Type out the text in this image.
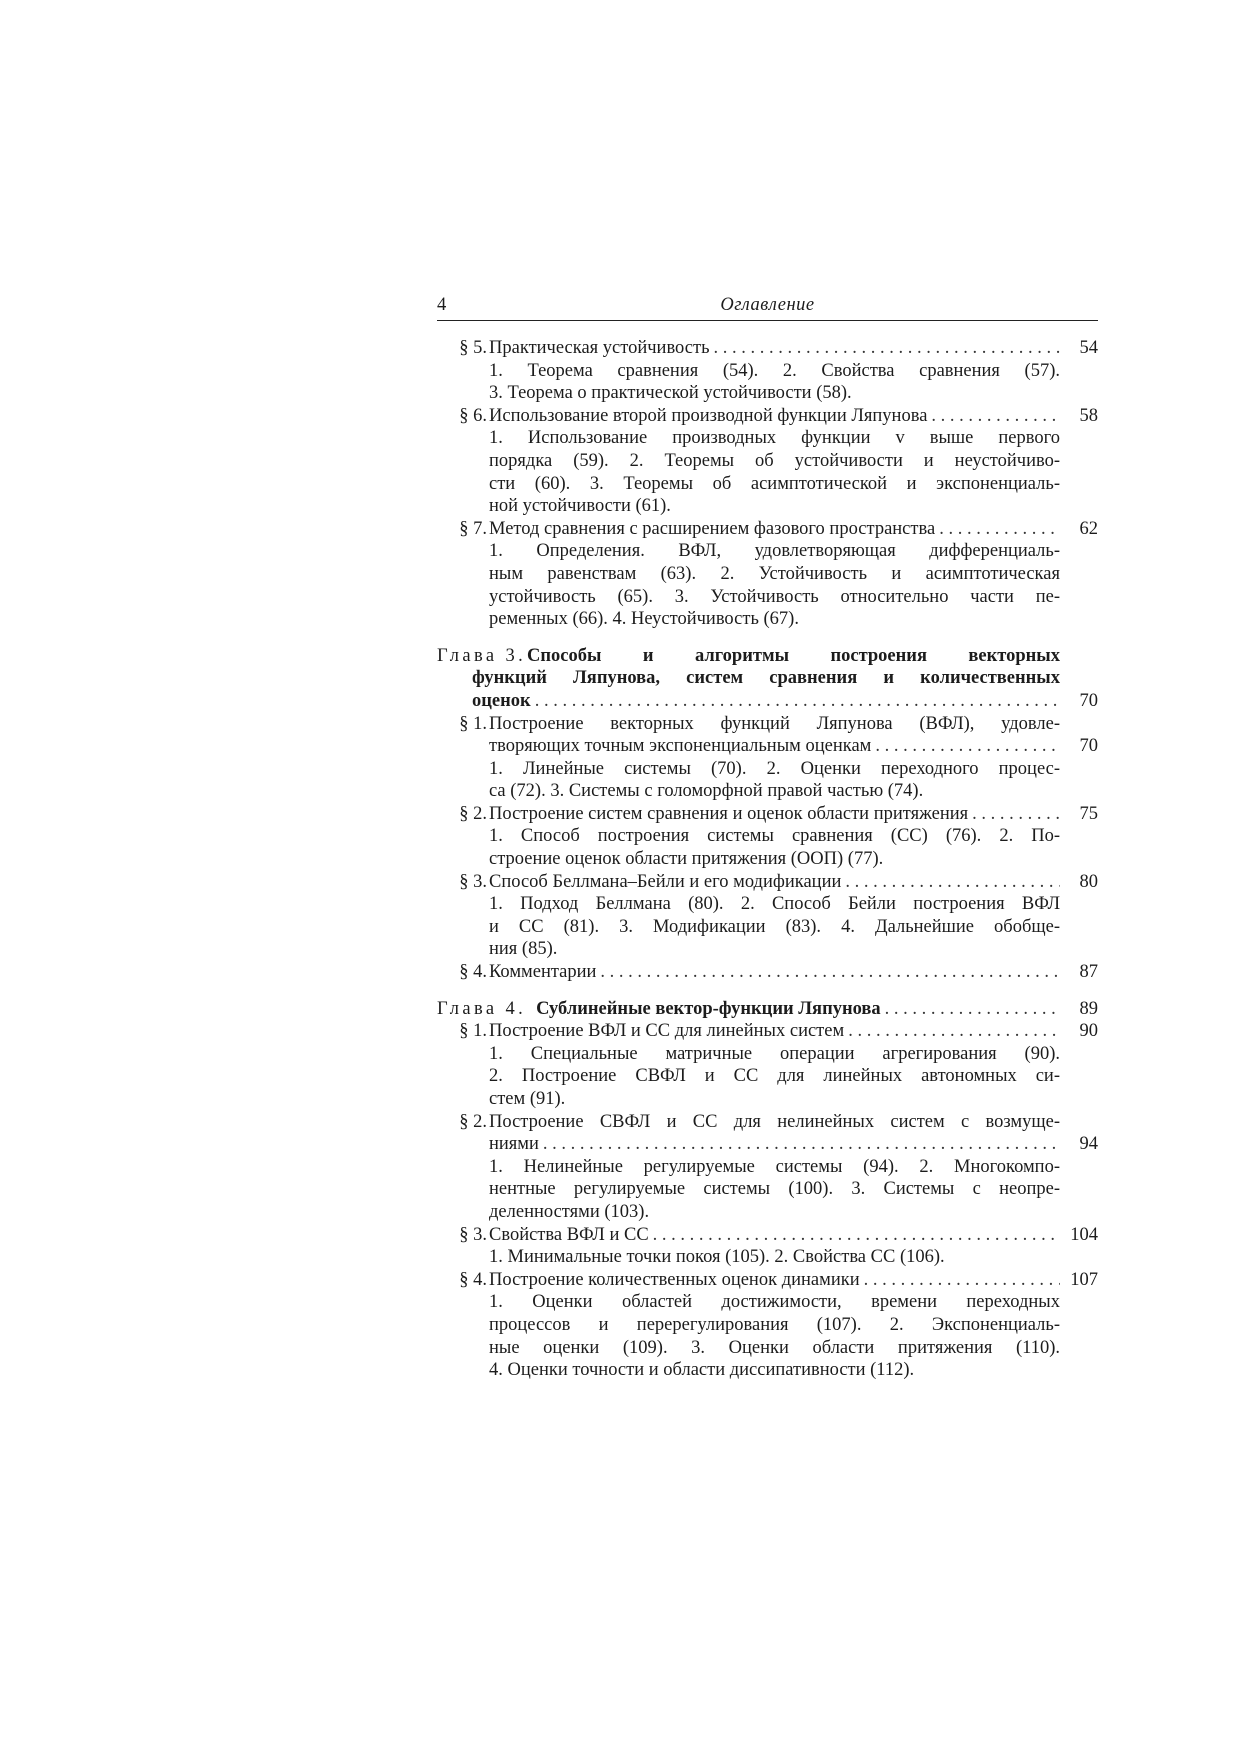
4	Оглавление
§ 5. Практическая устойчивость . . .	54
1. Теорема сравнения (54). 2. Свойства сравнения (57).
3. Теорема о практической устойчивости (58).
§ 6. Использование второй производной функции Ляпунова . . .	58
1. Использование производных функции v выше первого
порядка (59). 2. Теоремы об устойчивости и неустойчиво-
сти (60). 3. Теоремы об асимптотической и экспоненциаль-
ной устойчивости (61).
§ 7. Метод сравнения с расширением фазового пространства . . .	62
1. Определения. ВФЛ, удовлетворяющая дифференциаль-
ным равенствам (63). 2. Устойчивость и асимптотическая
устойчивость (65). 3. Устойчивость относительно части пе-
ременных (66). 4. Неустойчивость (67).
Глава 3. Способы и алгоритмы построения векторных
функций Ляпунова, систем сравнения и количественных
оценок . . .	70
§ 1. Построение векторных функций Ляпунова (ВФЛ), удовле-
творяющих точным экспоненциальным оценкам . . .	70
1. Линейные системы (70). 2. Оценки переходного процес-
са (72). 3. Системы с голоморфной правой частью (74).
§ 2. Построение систем сравнения и оценок области притяжения . . .	75
1. Способ построения системы сравнения (СС) (76). 2. По-
строение оценок области притяжения (ООП) (77).
§ 3. Способ Беллмана–Бейли и его модификации . . .	80
1. Подход Беллмана (80). 2. Способ Бейли построения ВФЛ
и СС (81). 3. Модификации (83). 4. Дальнейшие обобще-
ния (85).
§ 4. Комментарии . . .	87
Глава 4. Сублинейные вектор-функции Ляпунова . . .	89
§ 1. Построение ВФЛ и СС для линейных систем . . .	90
1. Специальные матричные операции агрегирования (90).
2. Построение СВФЛ и СС для линейных автономных си-
стем (91).
§ 2. Построение СВФЛ и СС для нелинейных систем с возмуще-
ниями . . .	94
1. Нелинейные регулируемые системы (94). 2. Многокомпо-
нентные регулируемые системы (100). 3. Системы с неопре-
деленностями (103).
§ 3. Свойства ВФЛ и СС . . .	104
1. Минимальные точки покоя (105). 2. Свойства СС (106).
§ 4. Построение количественных оценок динамики . . .	107
1. Оценки областей достижимости, времени переходных
процессов и перерегулирования (107). 2. Экспоненциаль-
ные оценки (109). 3. Оценки области притяжения (110).
4. Оценки точности и области диссипативности (112).
